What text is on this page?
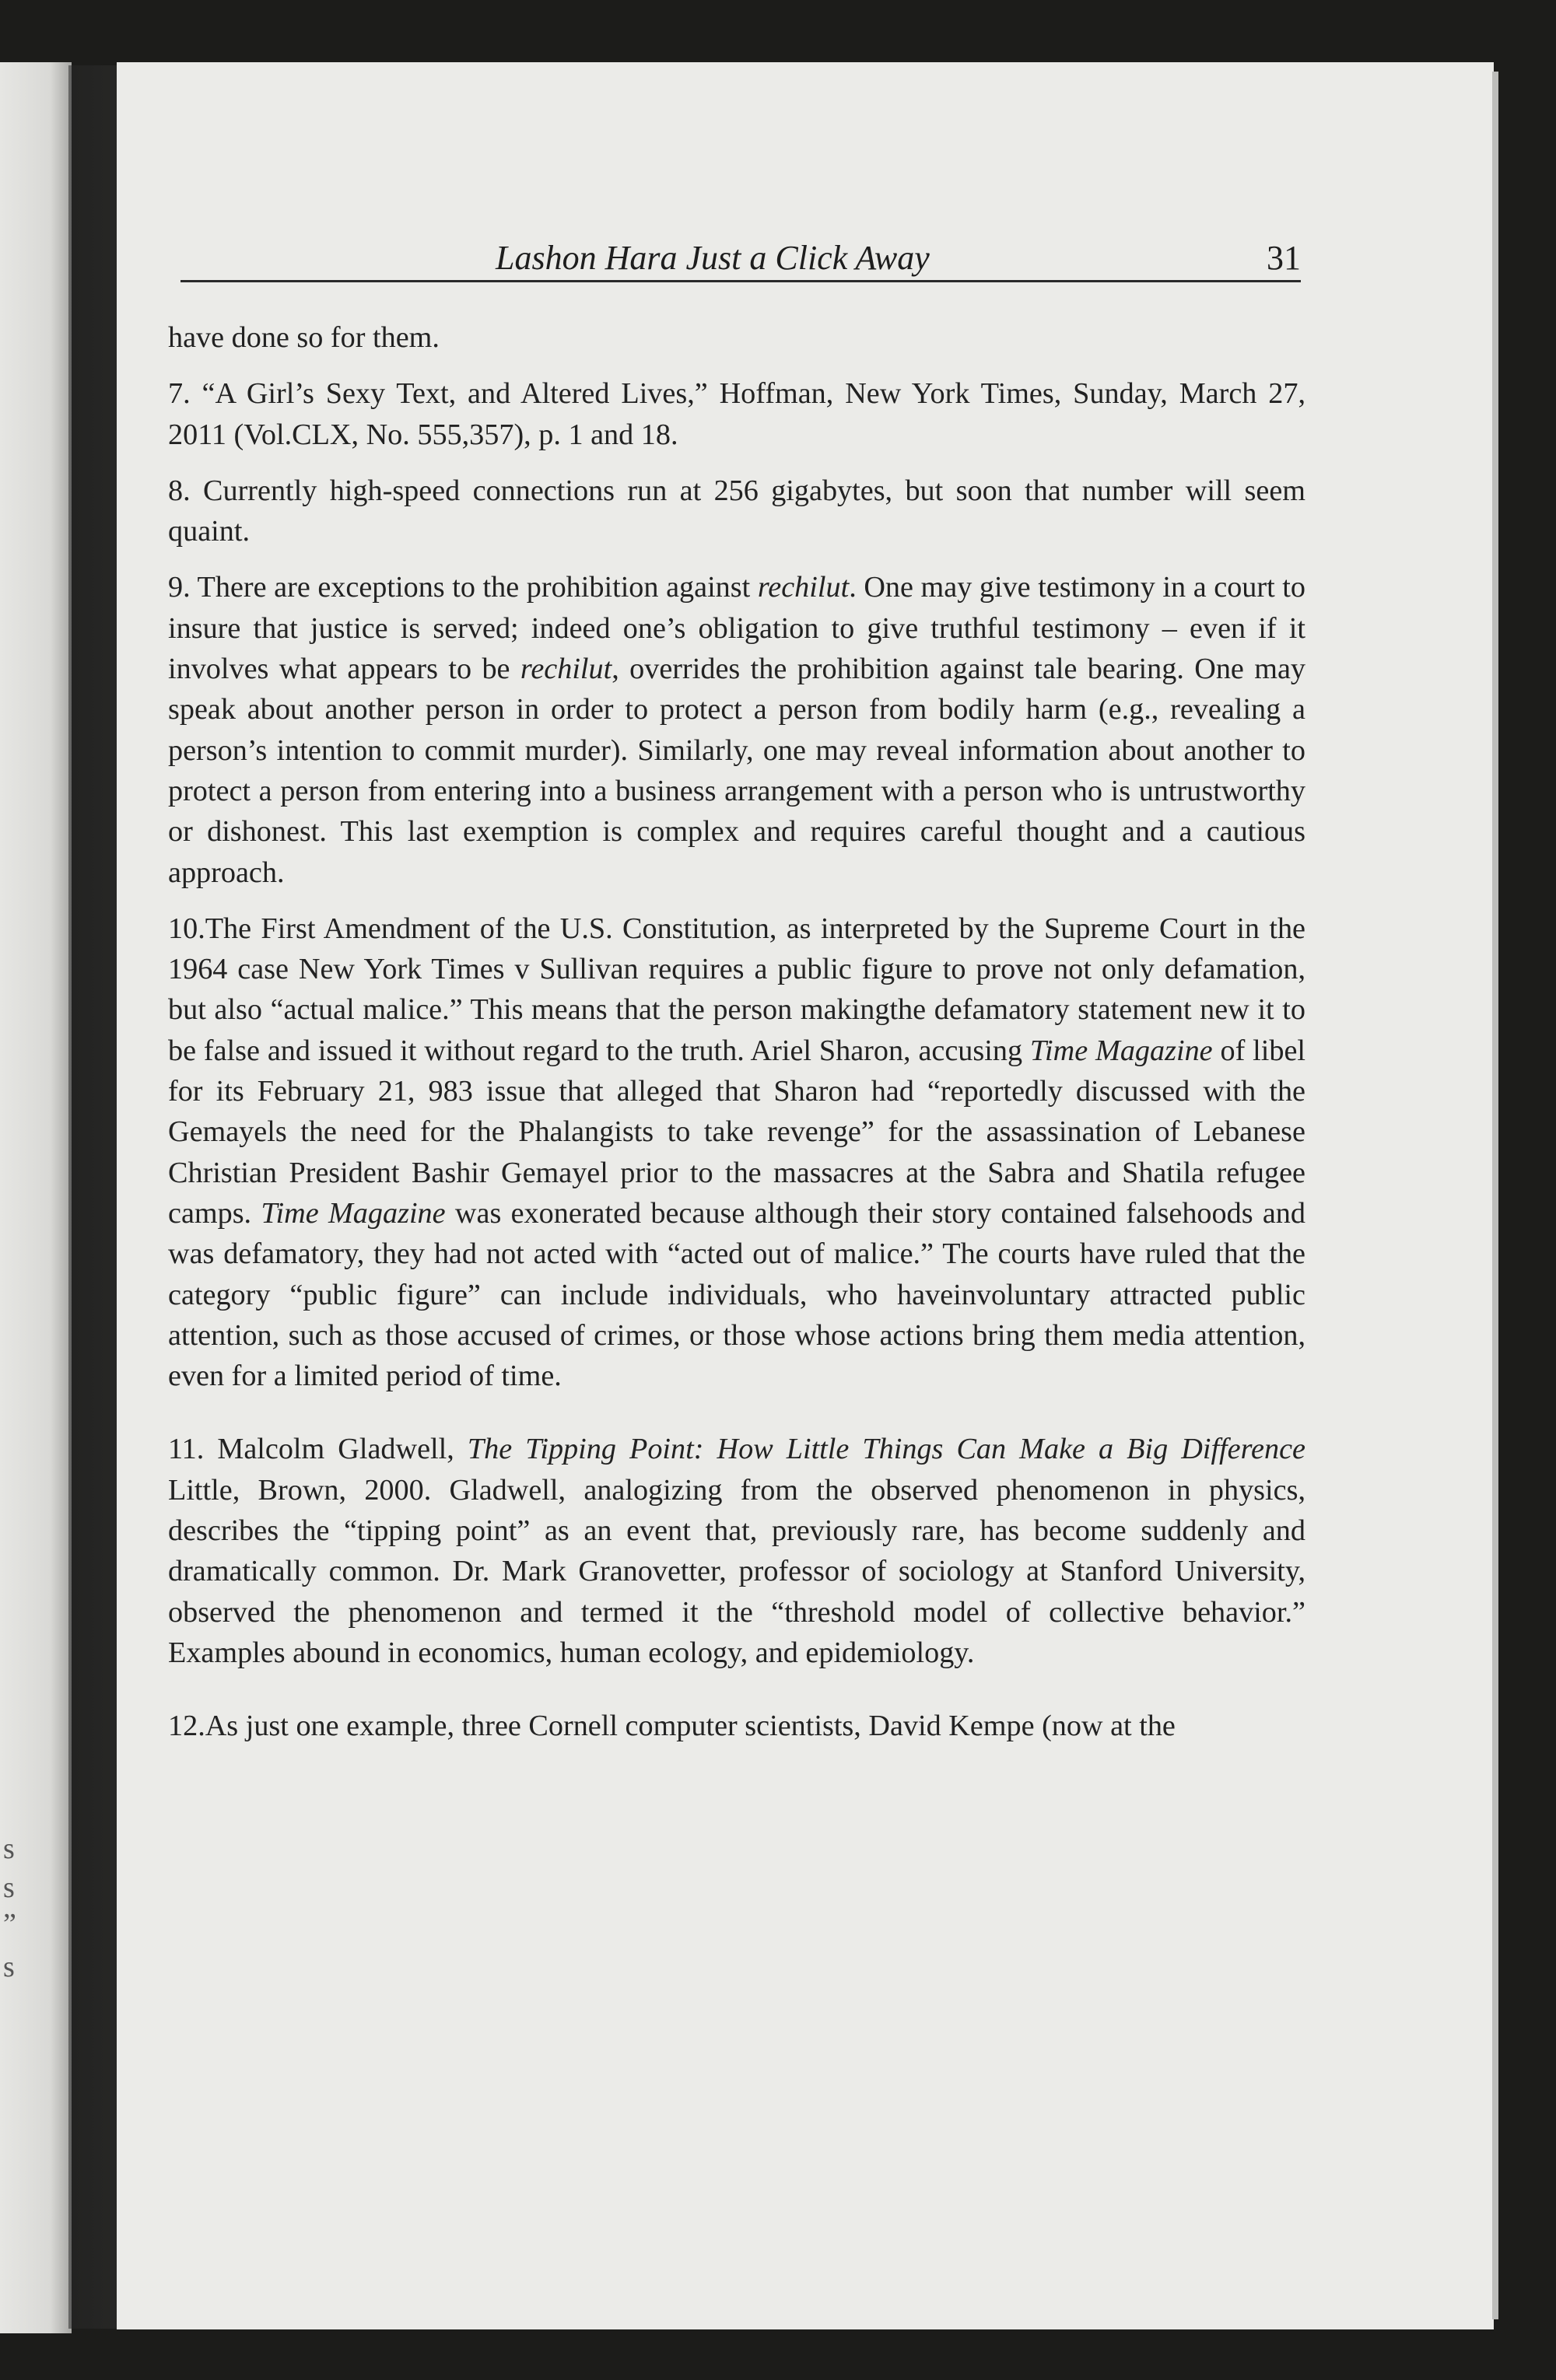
s
s
”
s
Lashon Hara Just a Click Away	31

have done so for them.

7. “A Girl’s Sexy Text, and Altered Lives,” Hoffman, New York Times, Sunday, March 27, 2011 (Vol.CLX, No. 555,357), p. 1 and 18.

8. Currently high-speed connections run at 256 gigabytes, but soon that number will seem quaint.

9. There are exceptions to the prohibition against rechilut. One may give testimony in a court to insure that justice is served; indeed one’s obligation to give truthful testimony – even if it involves what appears to be rechilut, overrides the prohibition against tale bearing. One may speak about another person in order to protect a person from bodily harm (e.g., revealing a person’s intention to commit murder). Similarly, one may reveal information about another to protect a person from entering into a business arrangement with a person who is untrustworthy or dishonest. This last exemption is complex and requires careful thought and a cautious approach.

10.The First Amendment of the U.S. Constitution, as interpreted by the Supreme Court in the 1964 case New York Times v Sullivan requires a public figure to prove not only defamation, but also “actual malice.” This means that the person makingthe defamatory statement new it to be false and issued it without regard to the truth. Ariel Sharon, accusing Time Magazine of libel for its February 21, 983 issue that alleged that Sharon had “reportedly discussed with the Gemayels the need for the Phalangists to take revenge” for the assassination of Lebanese Christian President Bashir Gemayel prior to the massacres at the Sabra and Shatila refugee camps. Time Magazine was exonerated because although their story contained falsehoods and was defamatory, they had not acted with “acted out of malice.” The courts have ruled that the category “public figure” can include individuals, who haveinvoluntary attracted public attention, such as those accused of crimes, or those whose actions bring them media attention, even for a limited period of time.

11. Malcolm Gladwell, The Tipping Point: How Little Things Can Make a Big Difference Little, Brown, 2000. Gladwell, analogizing from the observed phenomenon in physics, describes the “tipping point” as an event that, previously rare, has become suddenly and dramatically common. Dr. Mark Granovetter, professor of sociology at Stanford University, observed the phenomenon and termed it the “threshold model of collective behavior.” Examples abound in economics, human ecology, and epidemiology.

12.As just one example, three Cornell computer scientists, David Kempe (now at the
